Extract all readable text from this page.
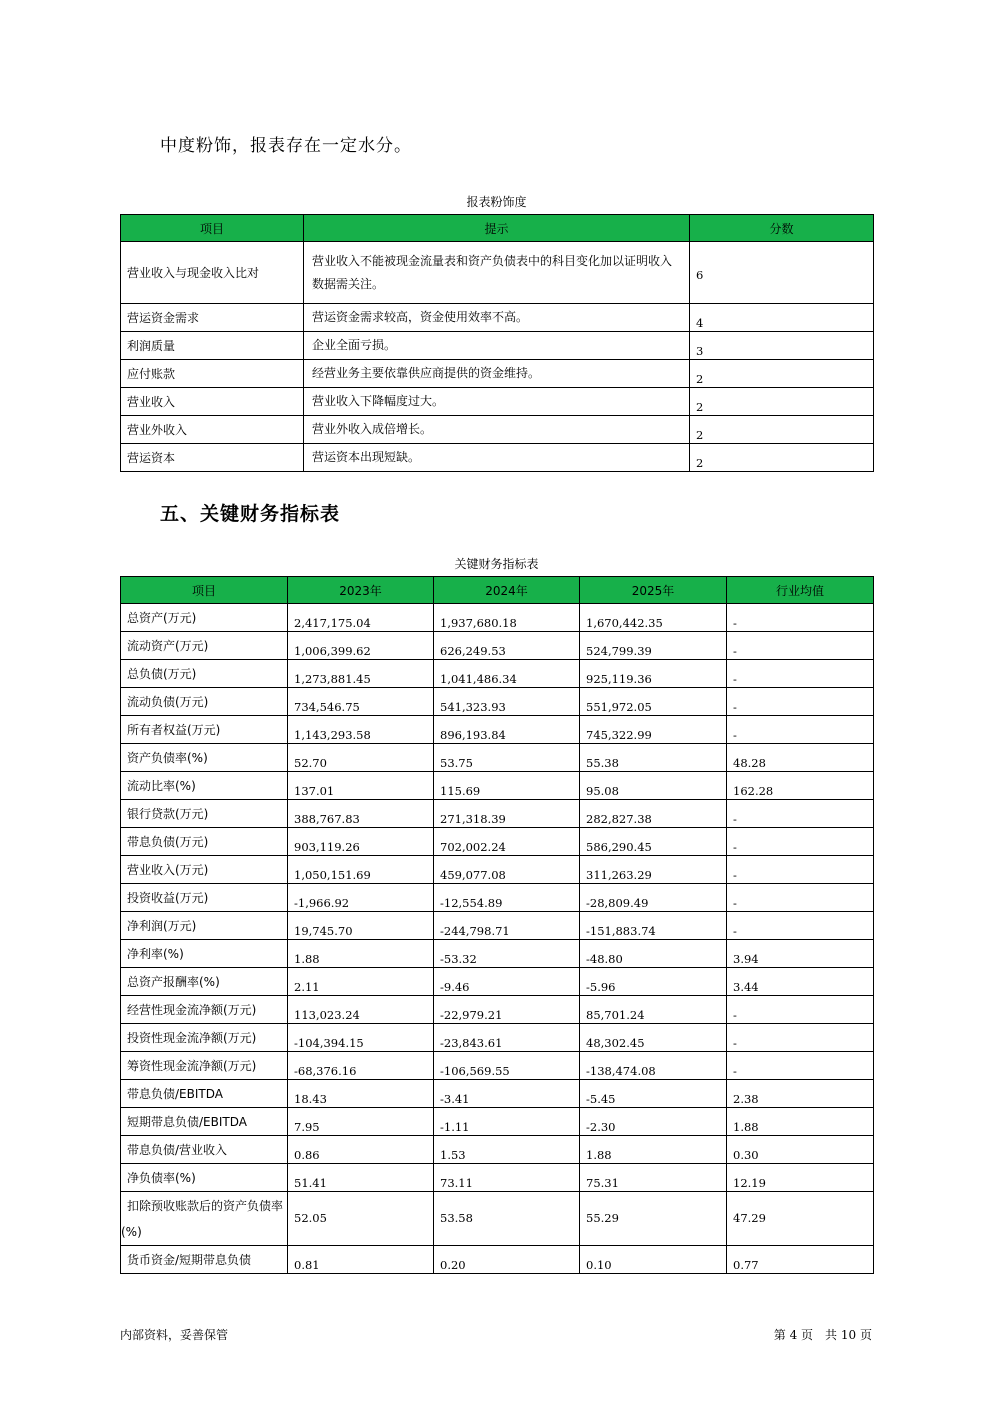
中度粉饰，报表存在一定水分。
报表粉饰度
项目	提示	分数
营业收入与现金收入比对	营业收入不能被现金流量表和资产负债表中的科目变化加以证明收入数据需关注。	6
营运资金需求	营运资金需求较高，资金使用效率不高。	4
利润质量	企业全面亏损。	3
应付账款	经营业务主要依靠供应商提供的资金维持。	2
营业收入	营业收入下降幅度过大。	2
营业外收入	营业外收入成倍增长。	2
营运资本	营运资本出现短缺。	2
五、关键财务指标表
关键财务指标表
项目	2023年	2024年	2025年	行业均值
总资产(万元)	2,417,175.04	1,937,680.18	1,670,442.35	-
流动资产(万元)	1,006,399.62	626,249.53	524,799.39	-
总负债(万元)	1,273,881.45	1,041,486.34	925,119.36	-
流动负债(万元)	734,546.75	541,323.93	551,972.05	-
所有者权益(万元)	1,143,293.58	896,193.84	745,322.99	-
资产负债率(%)	52.70	53.75	55.38	48.28
流动比率(%)	137.01	115.69	95.08	162.28
银行贷款(万元)	388,767.83	271,318.39	282,827.38	-
带息负债(万元)	903,119.26	702,002.24	586,290.45	-
营业收入(万元)	1,050,151.69	459,077.08	311,263.29	-
投资收益(万元)	-1,966.92	-12,554.89	-28,809.49	-
净利润(万元)	19,745.70	-244,798.71	-151,883.74	-
净利率(%)	1.88	-53.32	-48.80	3.94
总资产报酬率(%)	2.11	-9.46	-5.96	3.44
经营性现金流净额(万元)	113,023.24	-22,979.21	85,701.24	-
投资性现金流净额(万元)	-104,394.15	-23,843.61	48,302.45	-
筹资性现金流净额(万元)	-68,376.16	-106,569.55	-138,474.08	-
带息负债/EBITDA	18.43	-3.41	-5.45	2.38
短期带息负债/EBITDA	7.95	-1.11	-2.30	1.88
带息负债/营业收入	0.86	1.53	1.88	0.30
净负债率(%)	51.41	73.11	75.31	12.19
扣除预收账款后的资产负债率(%)	52.05	53.58	55.29	47.29
货币资金/短期带息负债	0.81	0.20	0.10	0.77
内部资料，妥善保管	第 4 页　共 10 页
